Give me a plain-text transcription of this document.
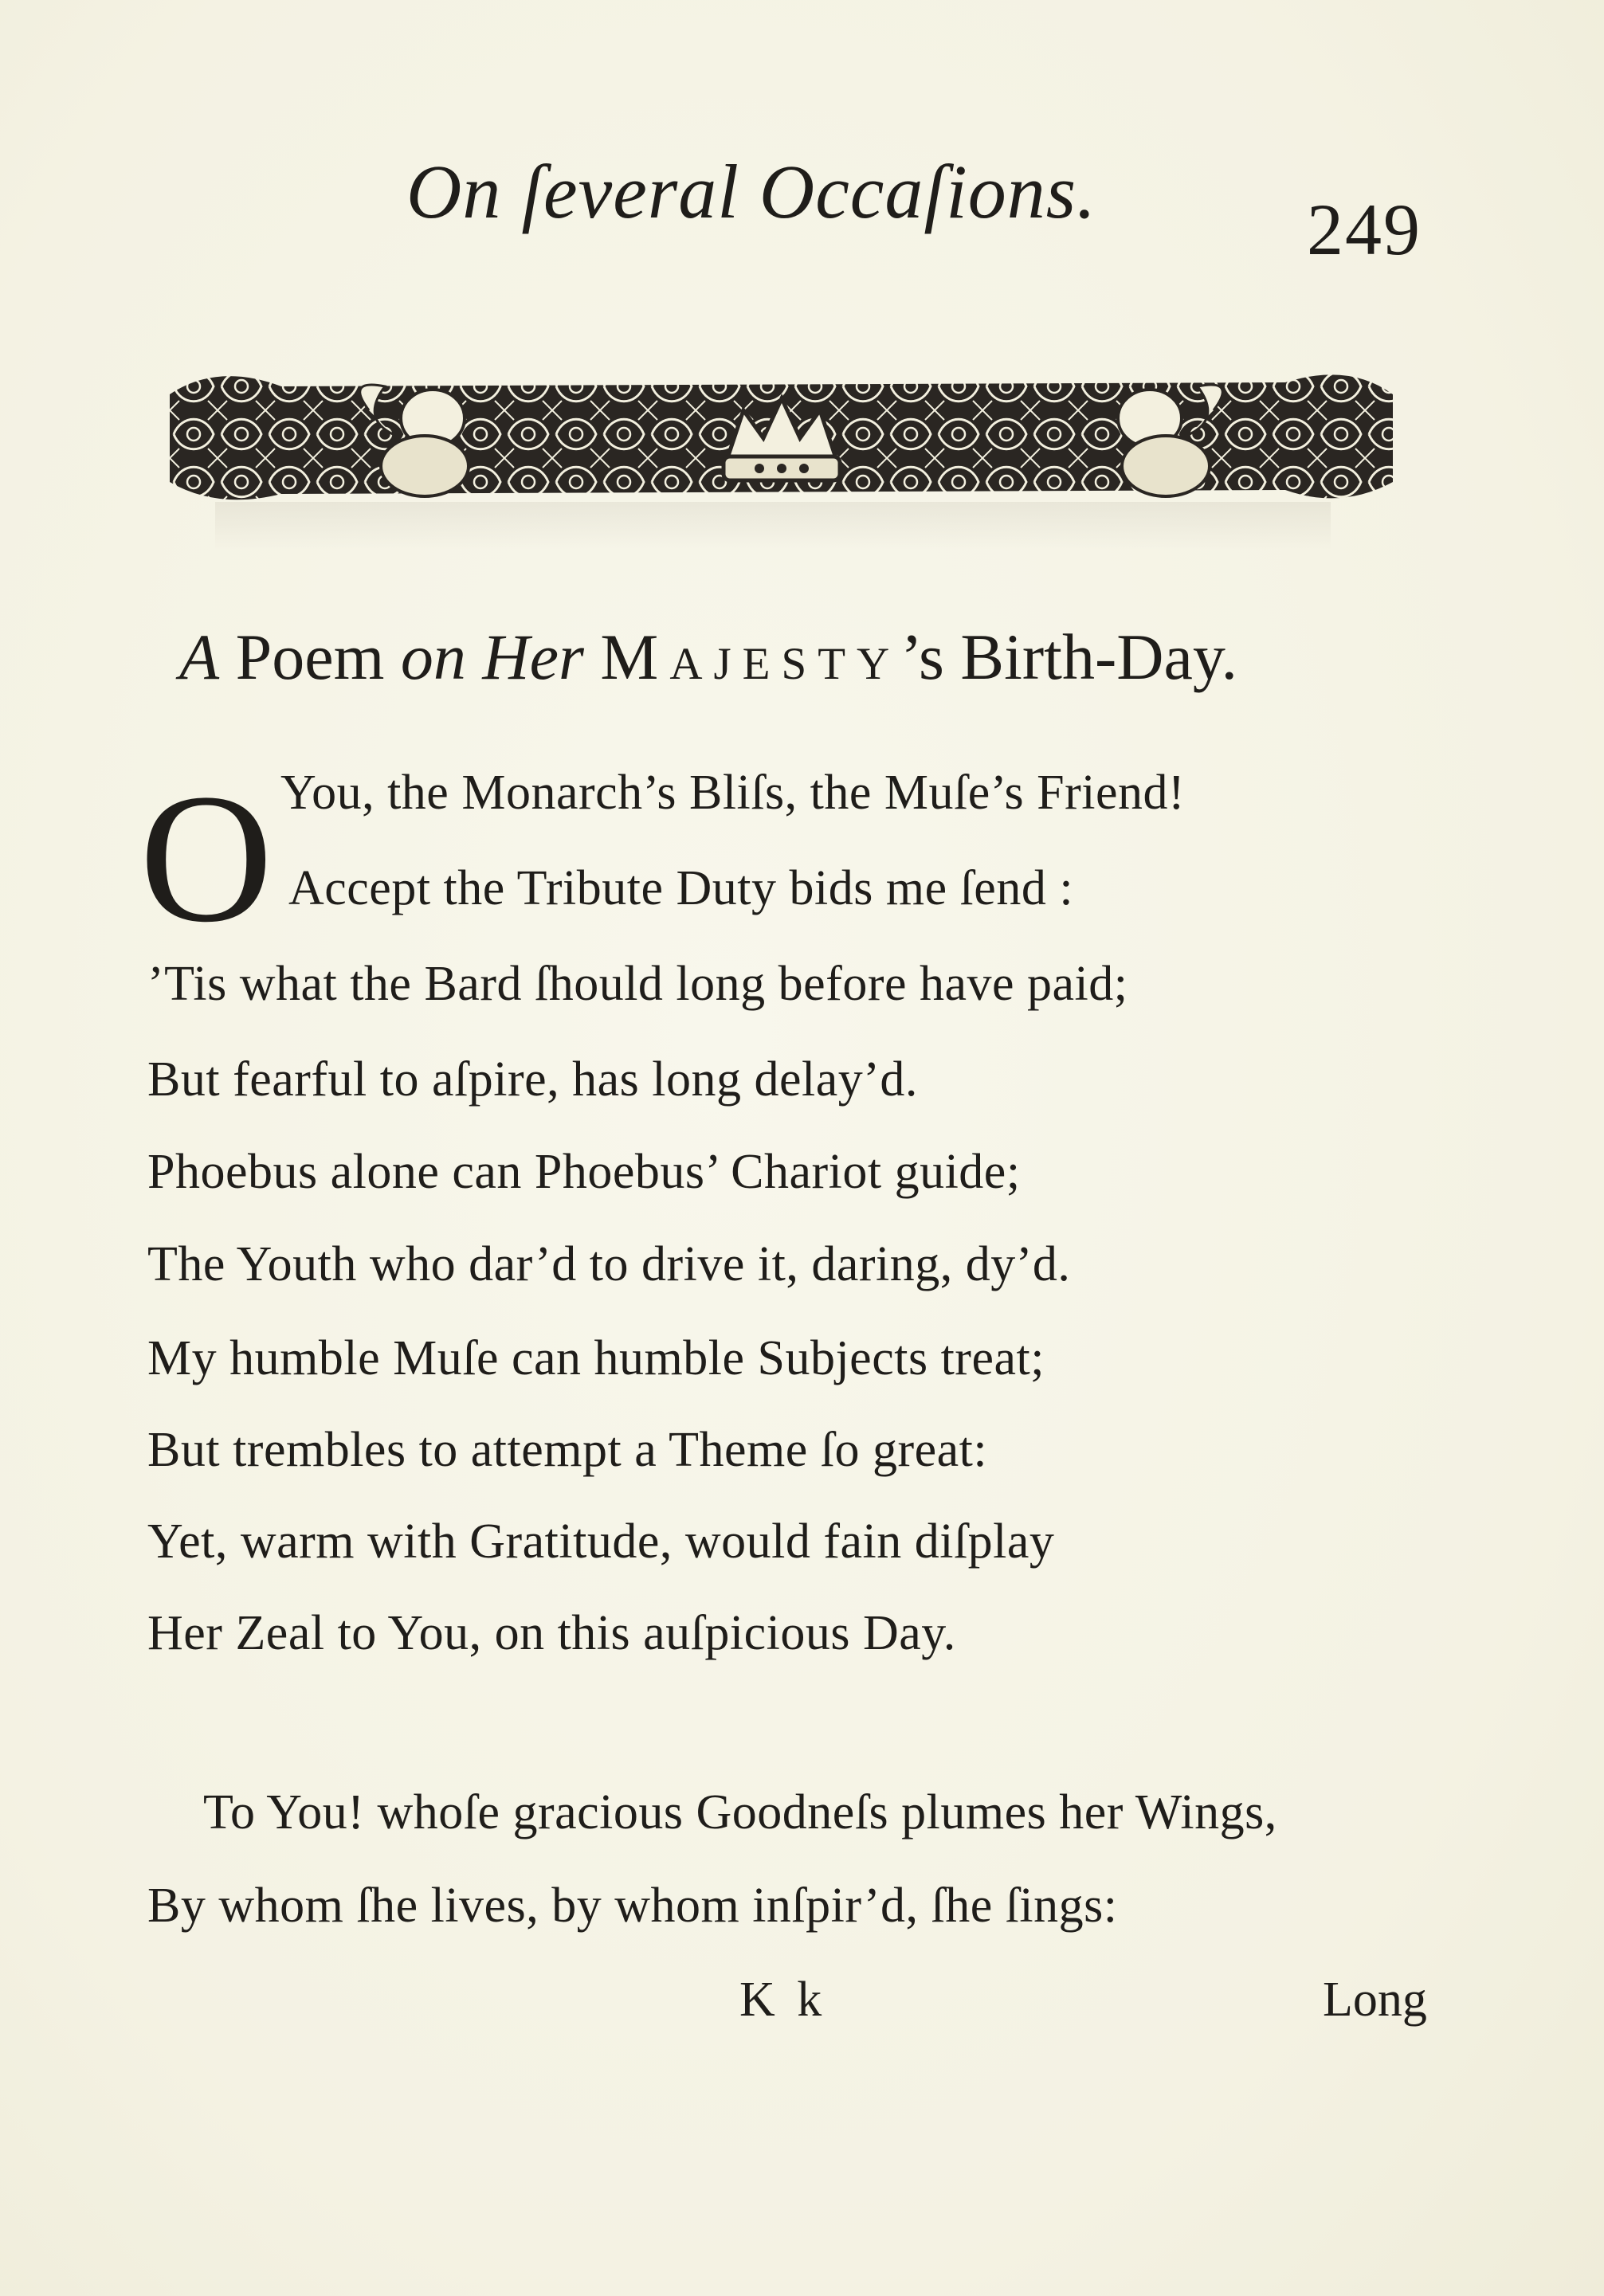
On ſeveral Occaſions.	249
A Poem on Her Majesty’s Birth-Day.
O You, the Monarch’s Bliſs, the Muſe’s Friend!
Accept the Tribute Duty bids me ſend :
’Tis what the Bard ſhould long before have paid;
But fearful to aſpire, has long delay’d.
Phoebus alone can Phoebus’ Chariot guide;
The Youth who dar’d to drive it, daring, dy’d.
My humble Muſe can humble Subjects treat;
But trembles to attempt a Theme ſo great:
Yet, warm with Gratitude, would fain diſplay
Her Zeal to You, on this auſpicious Day.
To You! whoſe gracious Goodneſs plumes her Wings,
By whom ſhe lives, by whom inſpir’d, ſhe ſings:
K k	Long
